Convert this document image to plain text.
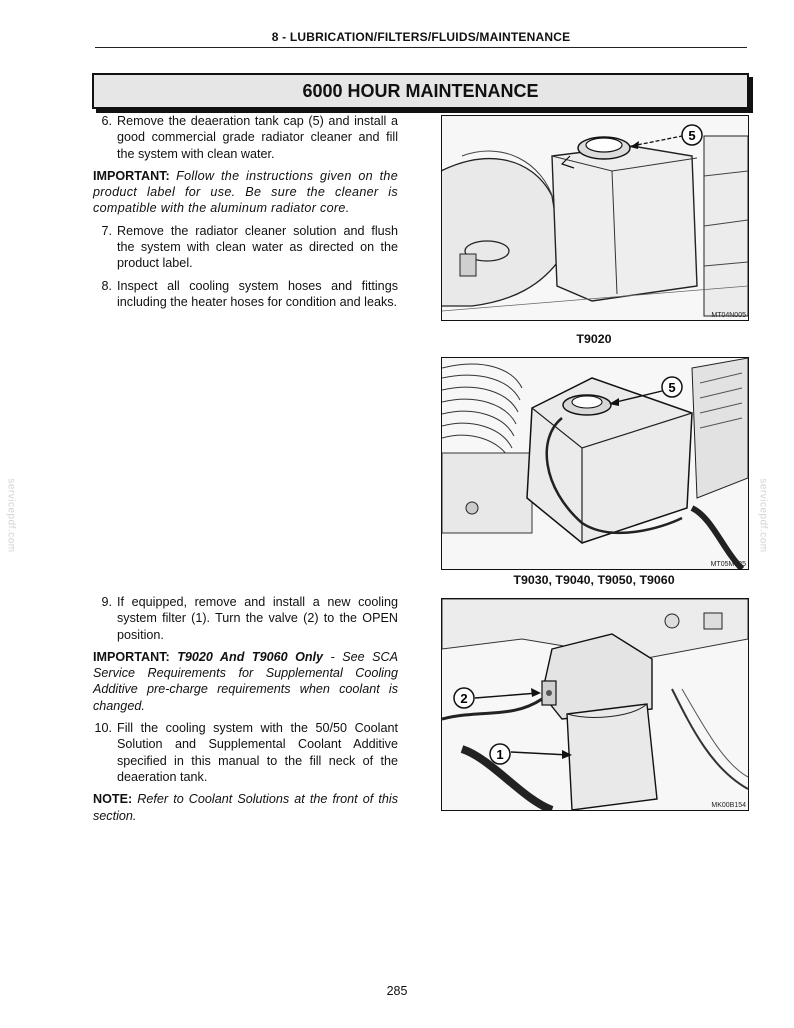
8 - LUBRICATION/FILTERS/FLUIDS/MAINTENANCE
6000 HOUR MAINTENANCE
servicepdf.com	servicepdf.com
6. Remove the deaeration tank cap (5) and install a good commercial grade radiator cleaner and fill the system with clean water.
IMPORTANT: Follow the instructions given on the product label for use. Be sure the cleaner is compatible with the aluminum radiator core.
7. Remove the radiator cleaner solution and flush the system with clean water as directed on the product label.
8. Inspect all cooling system hoses and fittings including the heater hoses for condition and leaks.
9. If equipped, remove and install a new cooling system filter (1). Turn the valve (2) to the OPEN position.
IMPORTANT: T9020 And T9060 Only - See SCA Service Requirements for Supplemental Cooling Additive pre-charge requirements when coolant is changed.
10. Fill the cooling system with the 50/50 Coolant Solution and Supplemental Coolant Additive specified in this manual to the fill neck of the deaeration tank.
NOTE: Refer to Coolant Solutions at the front of this section.
5
MT04N005
T9020
5
MT05M135
T9030, T9040, T9050, T9060
2
1
MK00B154
285
